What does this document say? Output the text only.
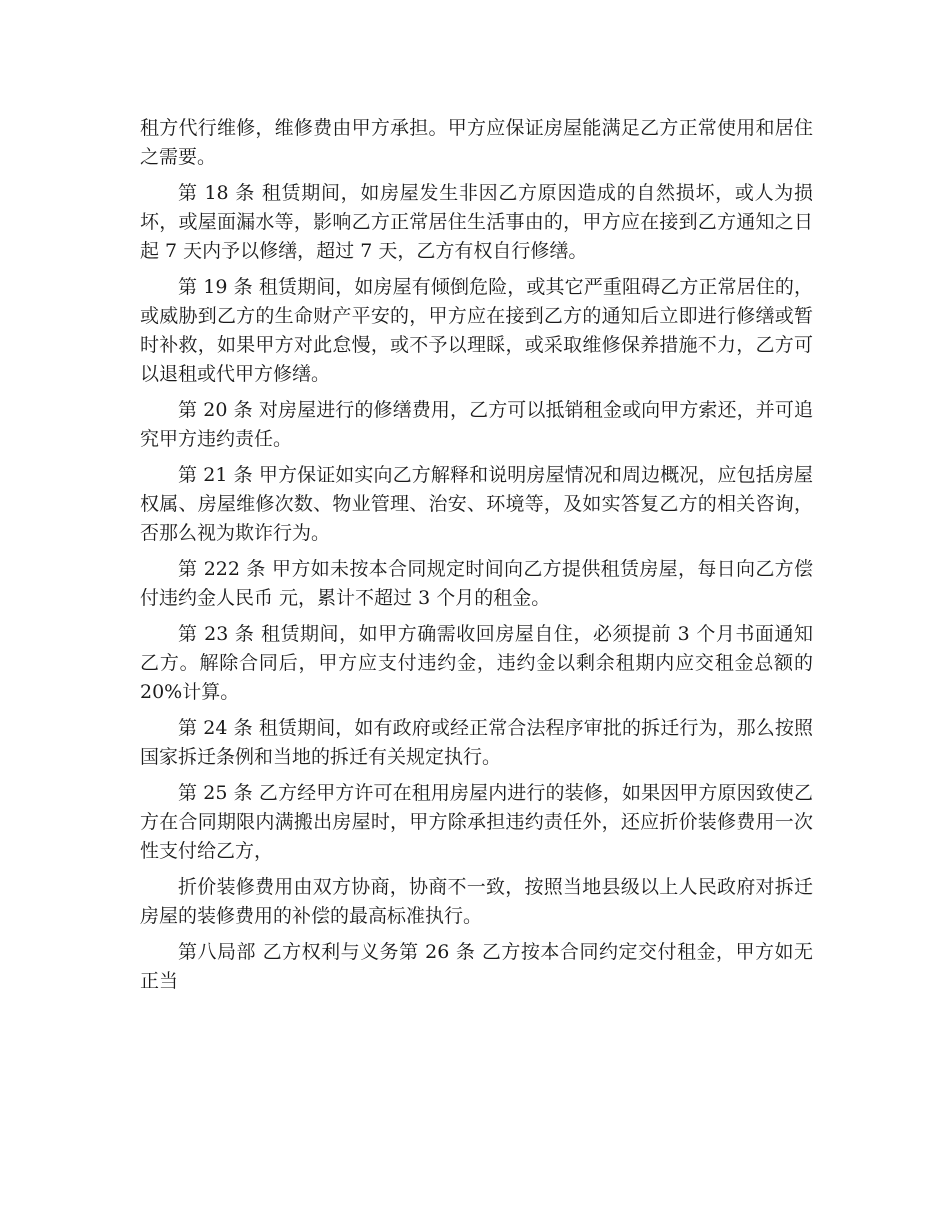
租方代行维修，维修费由甲方承担。甲方应保证房屋能满足乙方正常使用和居住之需要。

第 18 条 租赁期间，如房屋发生非因乙方原因造成的自然损坏，或人为损坏，或屋面漏水等，影响乙方正常居住生活事由的，甲方应在接到乙方通知之日起 7 天内予以修缮，超过 7 天，乙方有权自行修缮。

第 19 条 租赁期间，如房屋有倾倒危险，或其它严重阻碍乙方正常居住的，或威胁到乙方的生命财产平安的，甲方应在接到乙方的通知后立即进行修缮或暂时补救，如果甲方对此怠慢，或不予以理睬，或采取维修保养措施不力，乙方可以退租或代甲方修缮。

第 20 条 对房屋进行的修缮费用，乙方可以抵销租金或向甲方索还，并可追究甲方违约责任。

第 21 条 甲方保证如实向乙方解释和说明房屋情况和周边概况，应包括房屋权属、房屋维修次数、物业管理、治安、环境等，及如实答复乙方的相关咨询，否那么视为欺诈行为。

第 222 条 甲方如未按本合同规定时间向乙方提供租赁房屋，每日向乙方偿付违约金人民币 元，累计不超过 3 个月的租金。

第 23 条 租赁期间，如甲方确需收回房屋自住，必须提前 3 个月书面通知乙方。解除合同后，甲方应支付违约金，违约金以剩余租期内应交租金总额的 20%计算。

第 24 条 租赁期间，如有政府或经正常合法程序审批的拆迁行为，那么按照国家拆迁条例和当地的拆迁有关规定执行。

第 25 条 乙方经甲方许可在租用房屋内进行的装修，如果因甲方原因致使乙方在合同期限内满搬出房屋时，甲方除承担违约责任外，还应折价装修费用一次性支付给乙方，

折价装修费用由双方协商，协商不一致，按照当地县级以上人民政府对拆迁房屋的装修费用的补偿的最高标准执行。

第八局部 乙方权利与义务第 26 条 乙方按本合同约定交付租金，甲方如无正当
